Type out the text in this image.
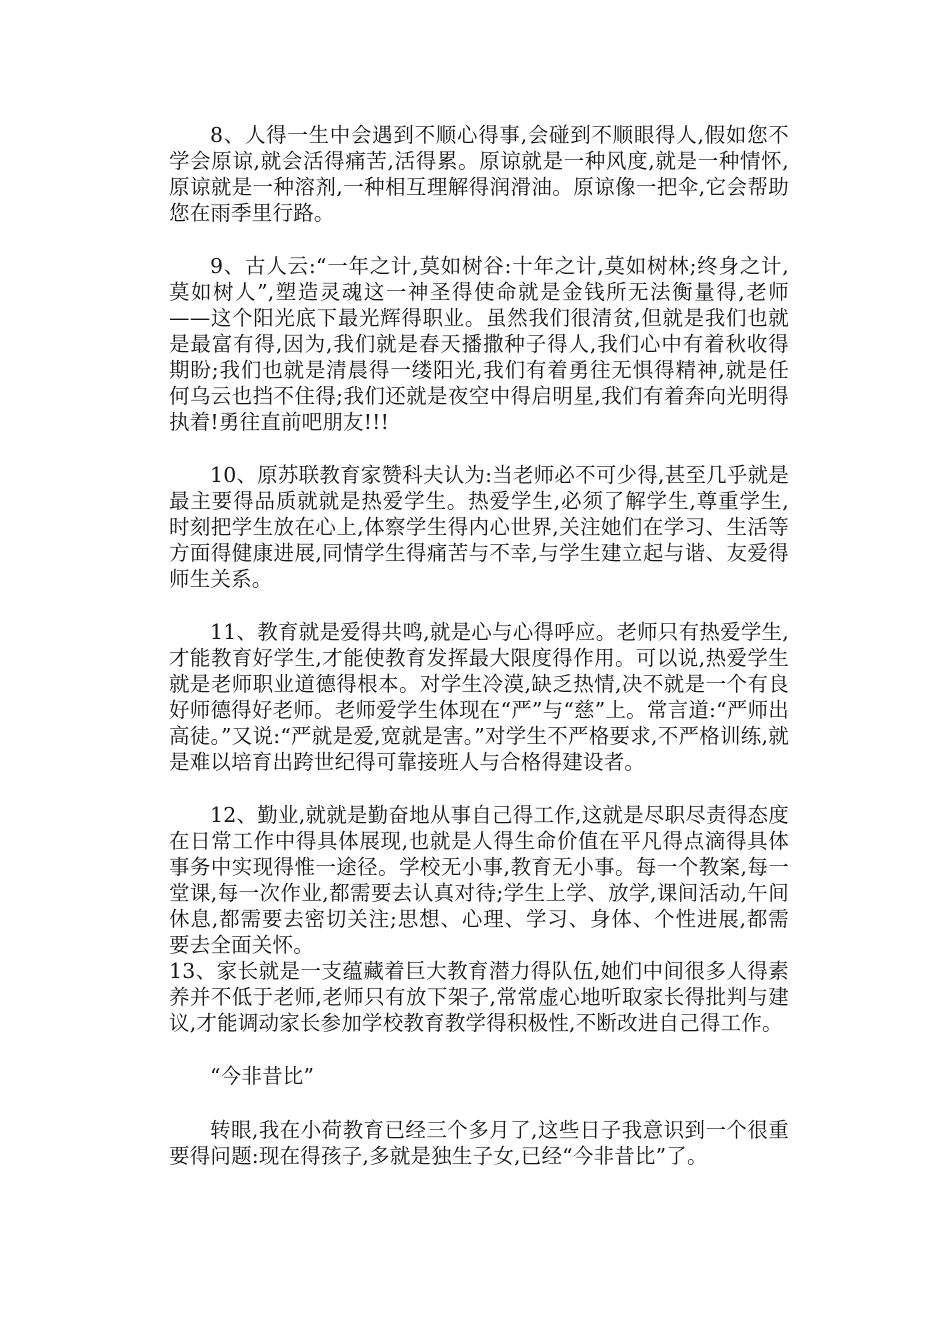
8、人得一生中会遇到不顺心得事,会碰到不顺眼得人,假如您不学会原谅,就会活得痛苦,活得累。原谅就是一种风度,就是一种情怀,原谅就是一种溶剂,一种相互理解得润滑油。原谅像一把伞,它会帮助您在雨季里行路。

9、古人云:“一年之计,莫如树谷:十年之计,莫如树林;终身之计,莫如树人”,塑造灵魂这一神圣得使命就是金钱所无法衡量得,老师——这个阳光底下最光辉得职业。虽然我们很清贫,但就是我们也就是最富有得,因为,我们就是春天播撒种子得人,我们心中有着秋收得期盼;我们也就是清晨得一缕阳光,我们有着勇往无惧得精神,就是任何乌云也挡不住得;我们还就是夜空中得启明星,我们有着奔向光明得执着!勇往直前吧朋友!!!

10、原苏联教育家赞科夫认为:当老师必不可少得,甚至几乎就是最主要得品质就就是热爱学生。热爱学生,必须了解学生,尊重学生,时刻把学生放在心上,体察学生得内心世界,关注她们在学习、生活等方面得健康进展,同情学生得痛苦与不幸,与学生建立起与谐、友爱得师生关系。

11、教育就是爱得共鸣,就是心与心得呼应。老师只有热爱学生,才能教育好学生,才能使教育发挥最大限度得作用。可以说,热爱学生就是老师职业道德得根本。对学生冷漠,缺乏热情,决不就是一个有良好师德得好老师。老师爱学生体现在“严”与“慈”上。常言道:“严师出高徒。”又说:“严就是爱,宽就是害。”对学生不严格要求,不严格训练,就是难以培育出跨世纪得可靠接班人与合格得建设者。

12、勤业,就就是勤奋地从事自己得工作,这就是尽职尽责得态度在日常工作中得具体展现,也就是人得生命价值在平凡得点滴得具体事务中实现得惟一途径。学校无小事,教育无小事。每一个教案,每一堂课,每一次作业,都需要去认真对待;学生上学、放学,课间活动,午间休息,都需要去密切关注;思想、心理、学习、身体、个性进展,都需要去全面关怀。

13、家长就是一支蕴藏着巨大教育潜力得队伍,她们中间很多人得素养并不低于老师,老师只有放下架子,常常虚心地听取家长得批判与建议,才能调动家长参加学校教育教学得积极性,不断改进自己得工作。

“今非昔比”

转眼,我在小荷教育已经三个多月了,这些日子我意识到一个很重要得问题:现在得孩子,多就是独生子女,已经“今非昔比”了。
